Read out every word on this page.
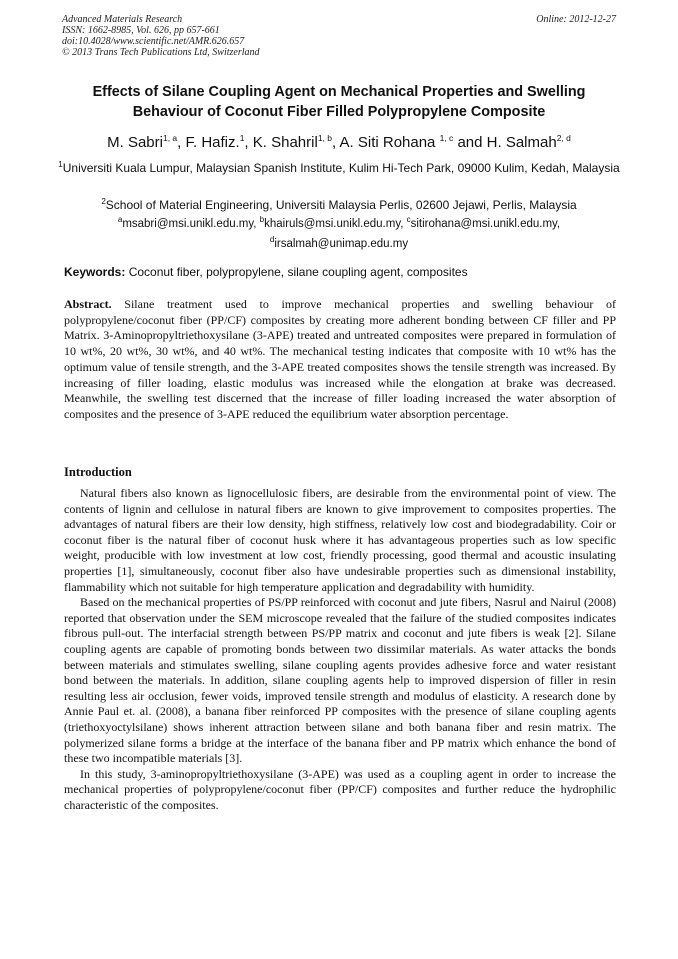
Advanced Materials Research
ISSN: 1662-8985, Vol. 626, pp 657-661
doi:10.4028/www.scientific.net/AMR.626.657
© 2013 Trans Tech Publications Ltd, Switzerland
Online: 2012-12-27
Effects of Silane Coupling Agent on Mechanical Properties and Swelling
Behaviour of Coconut Fiber Filled Polypropylene Composite
M. Sabri$^{1, a}$, F. Hafiz.$^1$, K. Shahril$^{1, b}$, A. Siti Rohana $^{1, c}$ and H. Salmah$^{2, d}$
$^1$Universiti Kuala Lumpur, Malaysian Spanish Institute, Kulim Hi-Tech Park, 09000 Kulim, Kedah, Malaysia
$^2$School of Material Engineering, Universiti Malaysia Perlis, 02600 Jejawi, Perlis, Malaysia
$^a$msabri@msi.unikl.edu.my, $^b$khairuls@msi.unikl.edu.my, $^c$sitirohana@msi.unikl.edu.my,
$^d$irsalmah@unimap.edu.my
Keywords: Coconut fiber, polypropylene, silane coupling agent, composites
Abstract. Silane treatment used to improve mechanical properties and swelling behaviour of polypropylene/coconut fiber (PP/CF) composites by creating more adherent bonding between CF filler and PP Matrix. 3-Aminopropyltriethoxysilane (3-APE) treated and untreated composites were prepared in formulation of 10 wt%, 20 wt%, 30 wt%, and 40 wt%. The mechanical testing indicates that composite with 10 wt% has the optimum value of tensile strength, and the 3-APE treated composites shows the tensile strength was increased. By increasing of filler loading, elastic modulus was increased while the elongation at brake was decreased. Meanwhile, the swelling test discerned that the increase of filler loading increased the water absorption of composites and the presence of 3-APE reduced the equilibrium water absorption percentage.
Introduction

Natural fibers also known as lignocellulosic fibers, are desirable from the environmental point of view. The contents of lignin and cellulose in natural fibers are known to give improvement to composites properties. The advantages of natural fibers are their low density, high stiffness, relatively low cost and biodegradability. Coir or coconut fiber is the natural fiber of coconut husk where it has advantageous properties such as low specific weight, producible with low investment at low cost, friendly processing, good thermal and acoustic insulating properties [1], simultaneously, coconut fiber also have undesirable properties such as dimensional instability, flammability which not suitable for high temperature application and degradability with humidity.

Based on the mechanical properties of PS/PP reinforced with coconut and jute fibers, Nasrul and Nairul (2008) reported that observation under the SEM microscope revealed that the failure of the studied composites indicates fibrous pull-out. The interfacial strength between PS/PP matrix and coconut and jute fibers is weak [2]. Silane coupling agents are capable of promoting bonds between two dissimilar materials. As water attacks the bonds between materials and stimulates swelling, silane coupling agents provides adhesive force and water resistant bond between the materials. In addition, silane coupling agents help to improved dispersion of filler in resin resulting less air occlusion, fewer voids, improved tensile strength and modulus of elasticity. A research done by Annie Paul et. al. (2008), a banana fiber reinforced PP composites with the presence of silane coupling agents (triethoxyoctylsilane) shows inherent attraction between silane and both banana fiber and resin matrix. The polymerized silane forms a bridge at the interface of the banana fiber and PP matrix which enhance the bond of these two incompatible materials [3].

In this study, 3-aminopropyltriethoxysilane (3-APE) was used as a coupling agent in order to increase the mechanical properties of polypropylene/coconut fiber (PP/CF) composites and further reduce the hydrophilic characteristic of the composites.
